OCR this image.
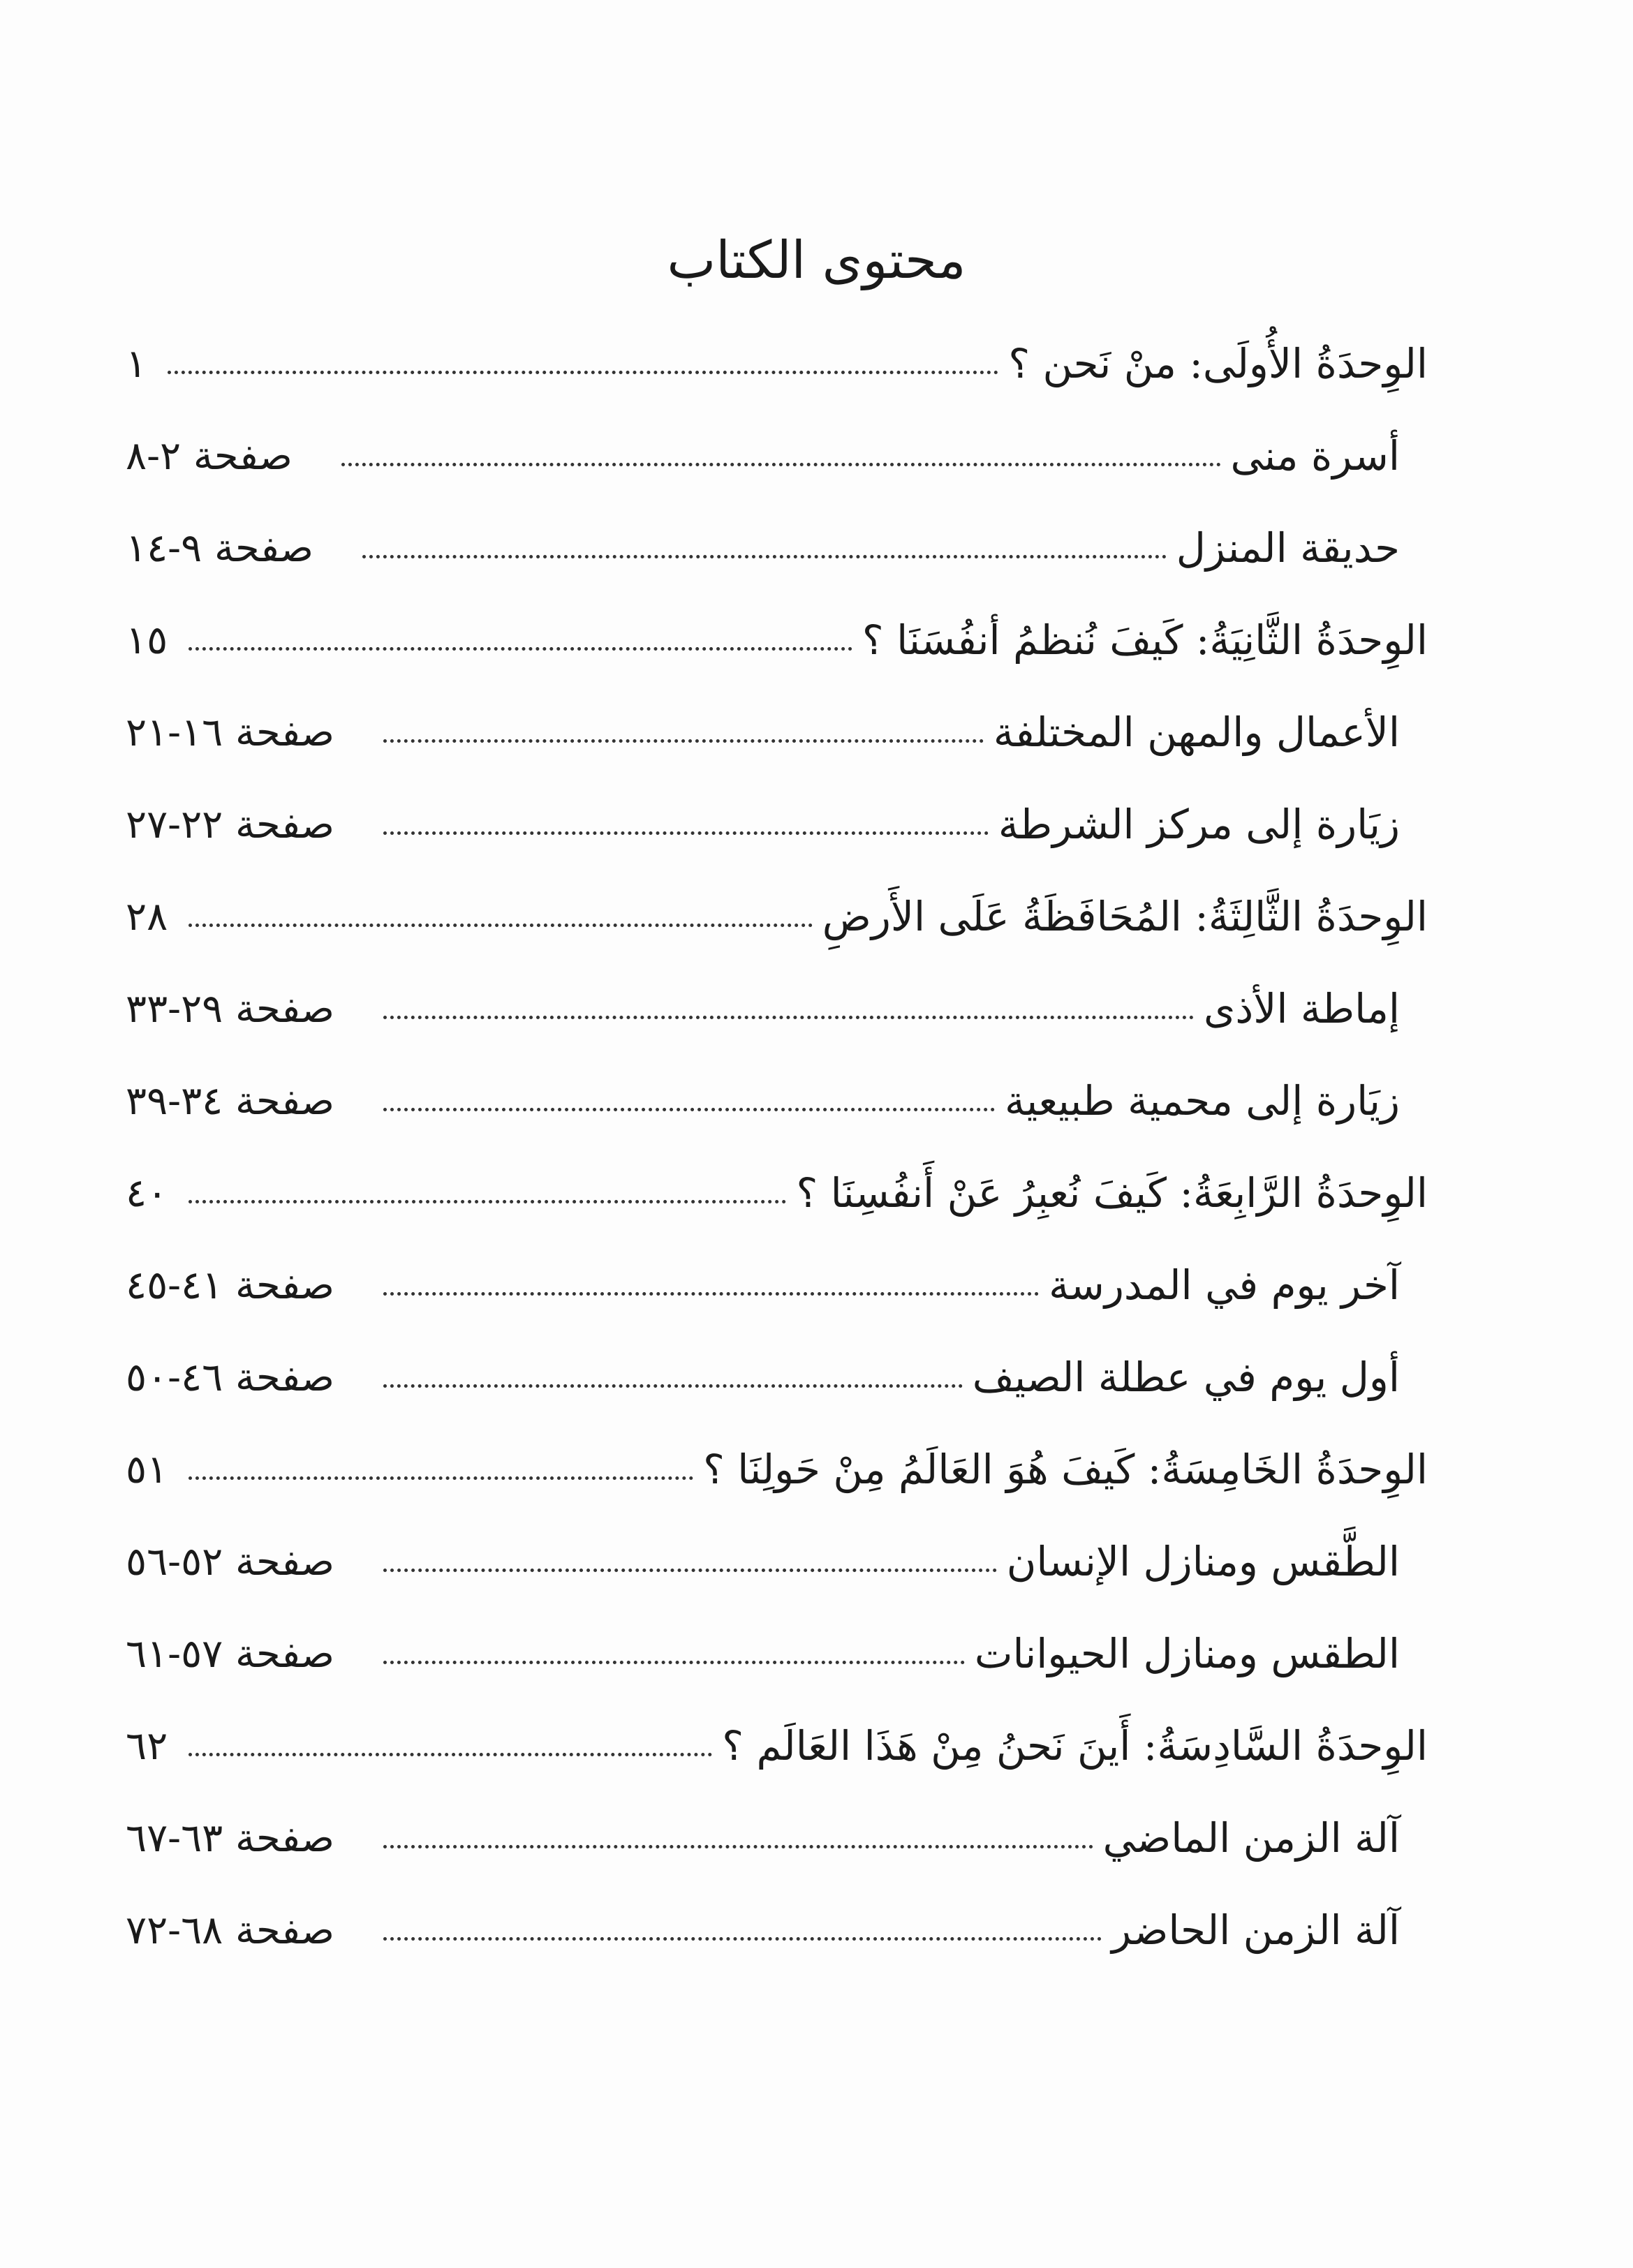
محتوى الكتاب
١	الوِحدَةُ الأُولَى: منْ نَحن ؟
صفحة ٢-٨	أسرة منى
صفحة ٩-١٤	حديقة المنزل
١٥	الوِحدَةُ الثَّانِيَةُ: كَيفَ نُنظمُ أنفُسَنَا ؟
صفحة ١٦-٢١	الأعمال والمهن المختلفة
صفحة ٢٢-٢٧	زيَارة إلى مركز الشرطة
٢٨	الوِحدَةُ الثَّالِثَةُ: المُحَافَظَةُ عَلَى الأَرضِ
صفحة ٢٩-٣٣	إماطة الأذى
صفحة ٣٤-٣٩	زيَارة إلى محمية طبيعية
٤٠	الوِحدَةُ الرَّابِعَةُ: كَيفَ نُعبِرُ عَنْ أَنفُسِنَا ؟
صفحة ٤١-٤٥	آخر يوم في المدرسة
صفحة ٤٦-٥٠	أول يوم في عطلة الصيف
٥١	الوِحدَةُ الخَامِسَةُ: كَيفَ هُوَ العَالَمُ مِنْ حَولِنَا ؟
صفحة ٥٢-٥٦	الطَّقس ومنازل الإنسان
صفحة ٥٧-٦١	الطقس ومنازل الحيوانات
٦٢	الوِحدَةُ السَّادِسَةُ: أَينَ نَحنُ مِنْ هَذَا العَالَم ؟
صفحة ٦٣-٦٧	آلة الزمن الماضي
صفحة ٦٨-٧٢	آلة الزمن الحاضر
